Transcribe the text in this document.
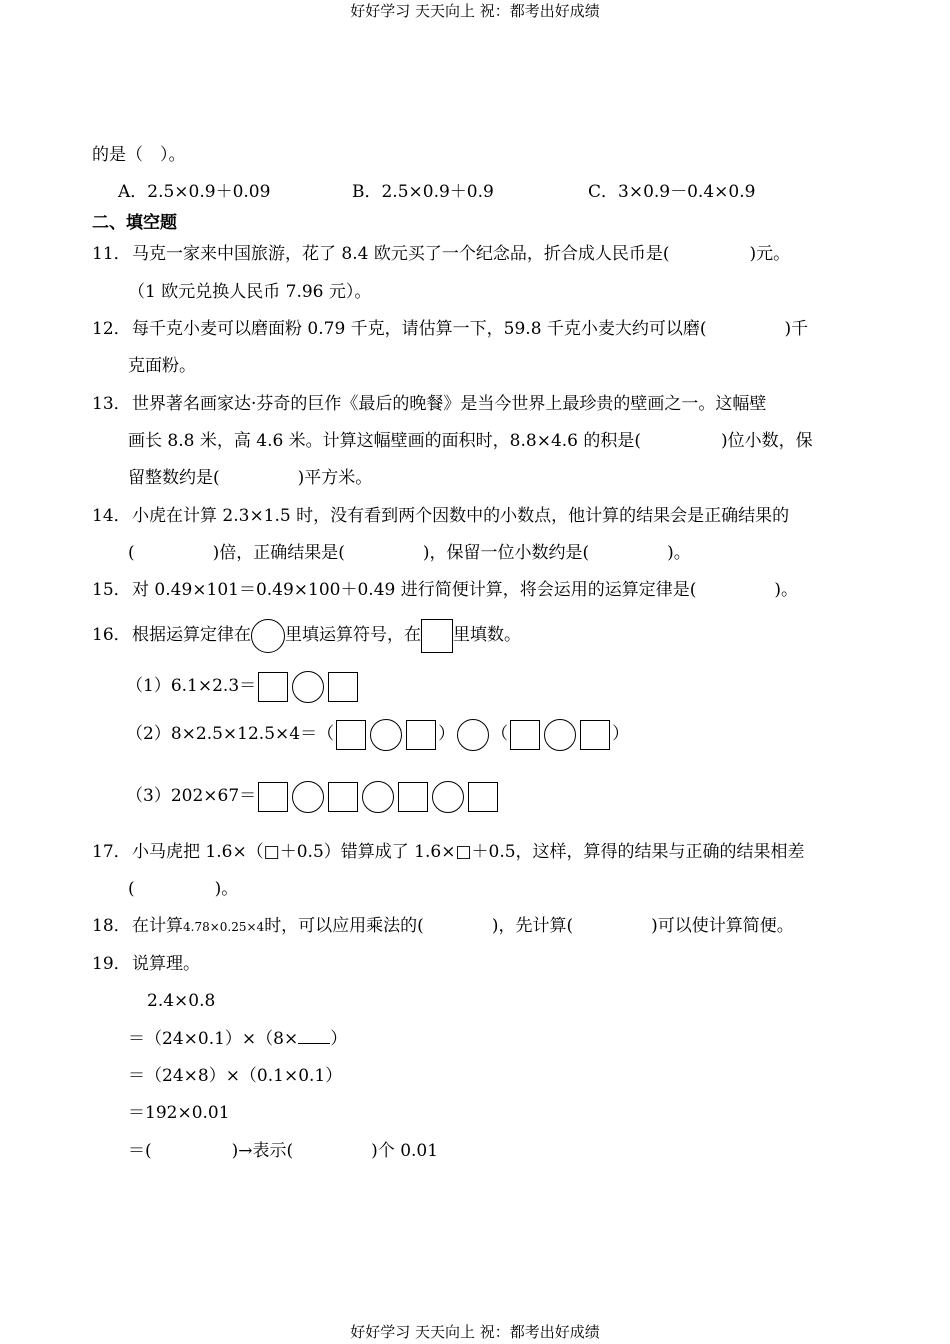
好好学习 天天向上 祝：都考出好成绩
的是（　）。
A．2.5×0.9＋0.09	B．2.5×0.9＋0.9	C．3×0.9－0.4×0.9
二、填空题
11．马克一家来中国旅游，花了 8.4 欧元买了一个纪念品，折合成人民币是(	)元。
（1 欧元兑换人民币 7.96 元）。
12．每千克小麦可以磨面粉 0.79 千克，请估算一下，59.8 千克小麦大约可以磨(	)千
克面粉。
13．世界著名画家达·芬奇的巨作《最后的晚餐》是当今世界上最珍贵的壁画之一。这幅壁
画长 8.8 米，高 4.6 米。计算这幅壁画的面积时，8.8×4.6 的积是(	)位小数，保
留整数约是(	)平方米。
14．小虎在计算 2.3×1.5 时，没有看到两个因数中的小数点，他计算的结果会是正确结果的
(	)倍，正确结果是(	)，保留一位小数约是(	)。
15．对 0.49×101＝0.49×100＋0.49 进行简便计算，将会运用的运算定律是(	)。
16．根据运算定律在 里填运算符号，在 里填数。
（1）6.1×2.3＝
（2）8×2.5×12.5×4＝（	） （	）
（3）202×67＝
17．小马虎把 1.6×（□＋0.5）错算成了 1.6×□＋0.5，这样，算得的结果与正确的结果相差
(	)。
18．在计算4.78×0.25×4时，可以应用乘法的(	)，先计算(	)可以使计算简便。
19．说算理。
2.4×0.8
＝（24×0.1）×（8× ）
＝（24×8）×（0.1×0.1）
＝192×0.01
＝(	)→表示(	)个 0.01
好好学习 天天向上 祝：都考出好成绩
